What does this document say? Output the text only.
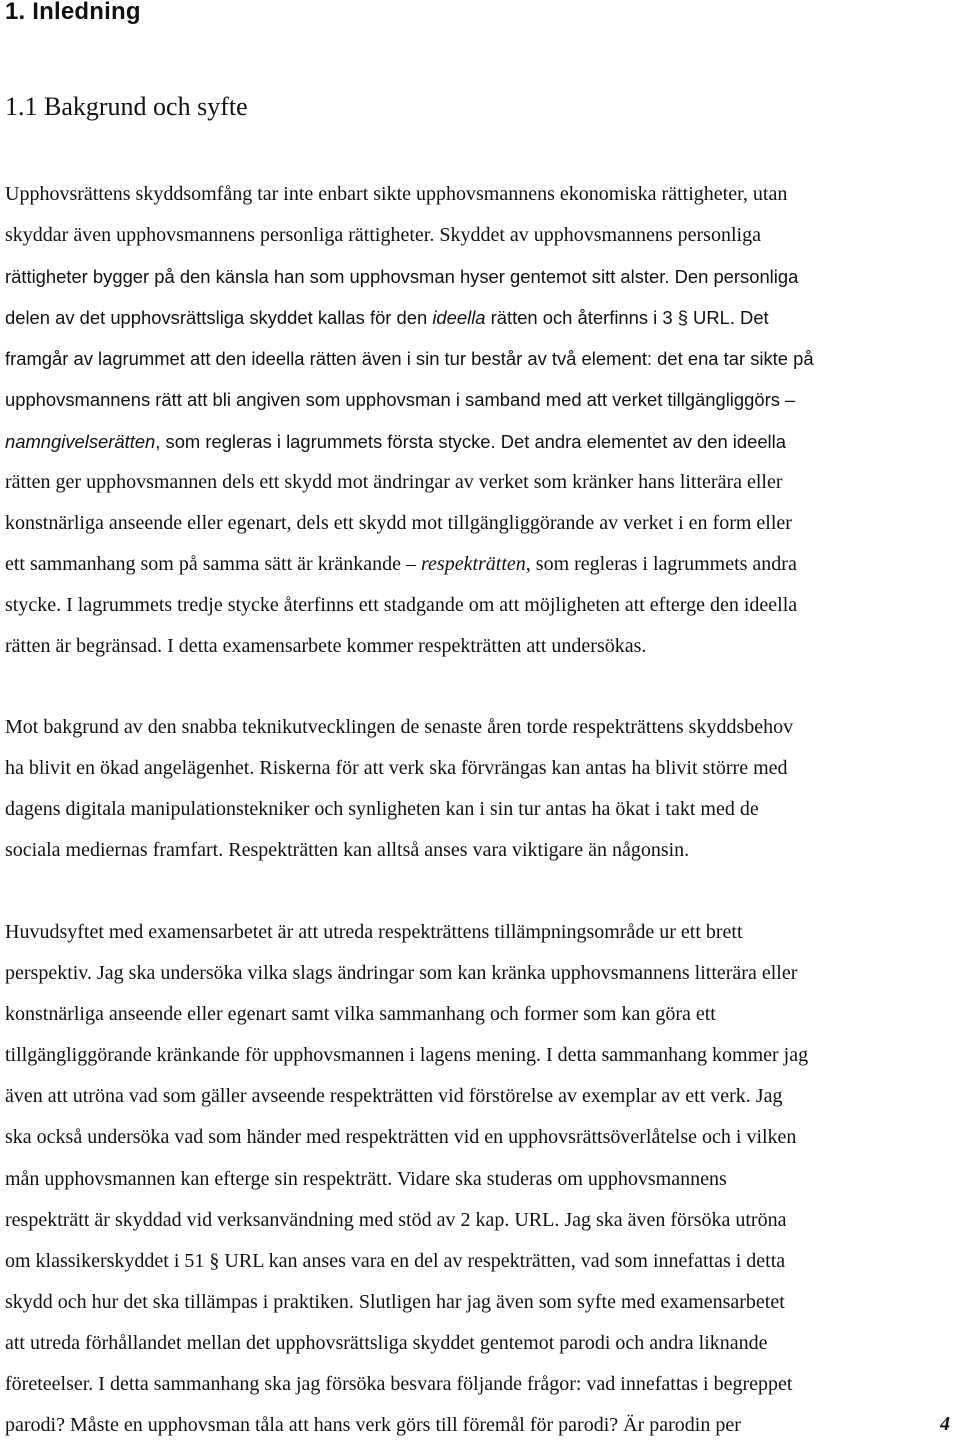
1. Inledning
1.1 Bakgrund och syfte
Upphovsrättens skyddsomfång tar inte enbart sikte upphovsmannens ekonomiska rättigheter, utan
skyddar även upphovsmannens personliga rättigheter. Skyddet av upphovsmannens personliga
rättigheter bygger på den känsla han som upphovsman hyser gentemot sitt alster. Den personliga
delen av det upphovsrättsliga skyddet kallas för den ideella rätten och återfinns i 3 § URL. Det
framgår av lagrummet att den ideella rätten även i sin tur består av två element: det ena tar sikte på
upphovsmannens rätt att bli angiven som upphovsman i samband med att verket tillgängliggörs –
namngivelserätten, som regleras i lagrummets första stycke. Det andra elementet av den ideella
rätten ger upphovsmannen dels ett skydd mot ändringar av verket som kränker hans litterära eller
konstnärliga anseende eller egenart, dels ett skydd mot tillgängliggörande av verket i en form eller
ett sammanhang som på samma sätt är kränkande – respekträtten, som regleras i lagrummets andra
stycke. I lagrummets tredje stycke återfinns ett stadgande om att möjligheten att efterge den ideella
rätten är begränsad. I detta examensarbete kommer respekträtten att undersökas.
Mot bakgrund av den snabba teknikutvecklingen de senaste åren torde respekträttens skyddsbehov
ha blivit en ökad angelägenhet. Riskerna för att verk ska förvrängas kan antas ha blivit större med
dagens digitala manipulationstekniker och synligheten kan i sin tur antas ha ökat i takt med de
sociala mediernas framfart. Respekträtten kan alltså anses vara viktigare än någonsin.
Huvudsyftet med examensarbetet är att utreda respekträttens tillämpningsområde ur ett brett
perspektiv. Jag ska undersöka vilka slags ändringar som kan kränka upphovsmannens litterära eller
konstnärliga anseende eller egenart samt vilka sammanhang och former som kan göra ett
tillgängliggörande kränkande för upphovsmannen i lagens mening. I detta sammanhang kommer jag
även att utröna vad som gäller avseende respekträtten vid förstörelse av exemplar av ett verk. Jag
ska också undersöka vad som händer med respekträtten vid en upphovsrättsöverlåtelse och i vilken
mån upphovsmannen kan efterge sin respekträtt. Vidare ska studeras om upphovsmannens
respekträtt är skyddad vid verksanvändning med stöd av 2 kap. URL. Jag ska även försöka utröna
om klassikerskyddet i 51 § URL kan anses vara en del av respekträtten, vad som innefattas i detta
skydd och hur det ska tillämpas i praktiken. Slutligen har jag även som syfte med examensarbetet
att utreda förhållandet mellan det upphovsrättsliga skyddet gentemot parodi och andra liknande
företeelser. I detta sammanhang ska jag försöka besvara följande frågor: vad innefattas i begreppet
parodi? Måste en upphovsman tåla att hans verk görs till föremål för parodi? Är parodin per	4
